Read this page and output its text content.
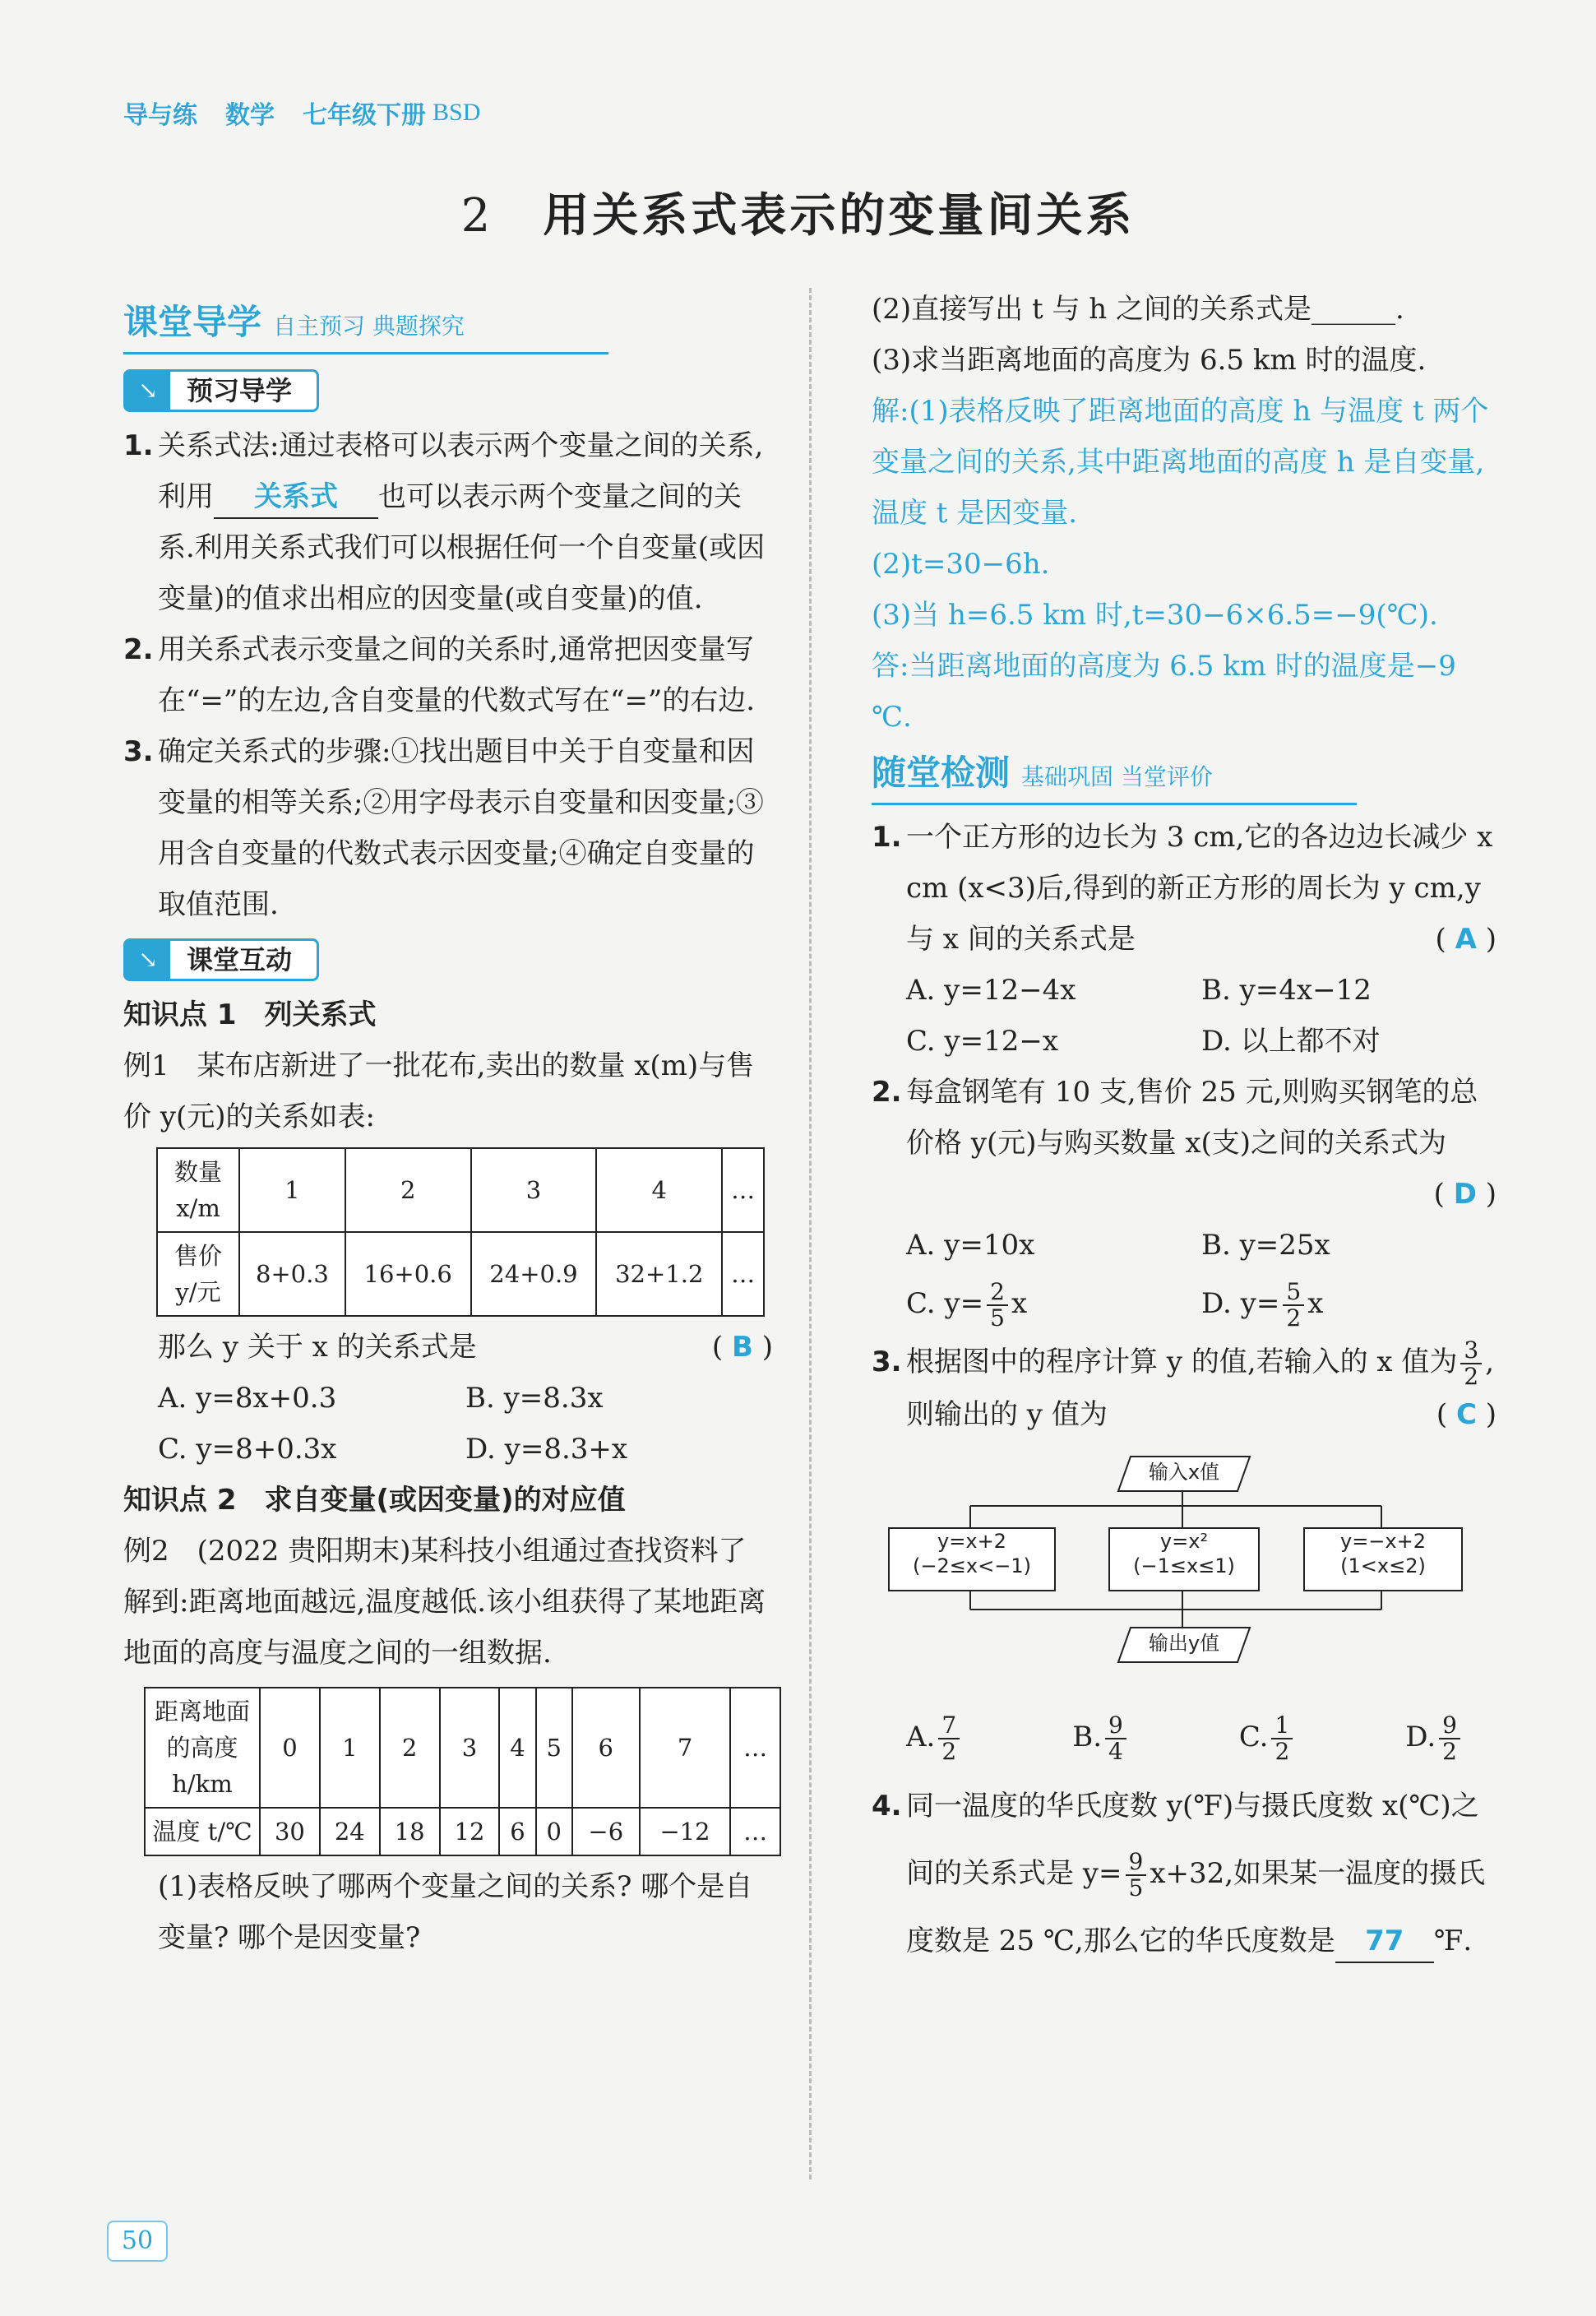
导与练 数学 七年级下册 BSD
2 用关系式表示的变量间关系
课堂导学 自主预习 典题探究
↘	预习导学
1. 关系式法:通过表格可以表示两个变量之间的关系,利用 关系式 也可以表示两个变量之间的关系.利用关系式我们可以根据任何一个自变量(或因变量)的值求出相应的因变量(或自变量)的值.
2. 用关系式表示变量之间的关系时,通常把因变量写在“=”的左边,含自变量的代数式写在“=”的右边.
3. 确定关系式的步骤:①找出题目中关于自变量和因变量的相等关系;②用字母表示自变量和因变量;③用含自变量的代数式表示因变量;④确定自变量的取值范围.
↘	课堂互动
知识点 1　列关系式
例1　某布店新进了一批花布,卖出的数量 x(m)与售价 y(元)的关系如表:
数量 x/m	1	2	3	4	…
售价 y/元	8+0.3	16+0.6	24+0.9	32+1.2	…
那么 y 关于 x 的关系式是	( B )
A. y=8x+0.3	B. y=8.3x
C. y=8+0.3x	D. y=8.3+x
知识点 2　求自变量(或因变量)的对应值
例2　(2022 贵阳期末)某科技小组通过查找资料了解到:距离地面越远,温度越低.该小组获得了某地距离地面的高度与温度之间的一组数据.
距离地面的高度 h/km	0	1	2	3	4	5	6	7	…
温度 t/℃	30	24	18	12	6	0	−6	−12	…
(1)表格反映了哪两个变量之间的关系? 哪个是自变量? 哪个是因变量?
(2)直接写出 t 与 h 之间的关系式是______.
(3)求当距离地面的高度为 6.5 km 时的温度.
解:(1)表格反映了距离地面的高度 h 与温度 t 两个变量之间的关系,其中距离地面的高度 h 是自变量,温度 t 是因变量.
(2)t=30−6h.
(3)当 h=6.5 km 时,t=30−6×6.5=−9(℃).
答:当距离地面的高度为 6.5 km 时的温度是−9 ℃.
随堂检测 基础巩固 当堂评价
1. 一个正方形的边长为 3 cm,它的各边边长减少 x cm (x<3)后,得到的新正方形的周长为 y cm,y 与 x 间的关系式是	( A )
A. y=12−4x	B. y=4x−12
C. y=12−x	D. 以上都不对
2. 每盒钢笔有 10 支,售价 25 元,则购买钢笔的总价格 y(元)与购买数量 x(支)之间的关系式为
( D )
A. y=10x	B. y=25x
C. $y= \frac{2}{5}$ x	D. $y= \frac{5}{2}$ x
3. 根据图中的程序计算 y 的值,若输入的 x 值为 $\frac{3}{2}$ ,则输出的 y 值为	( C )
输入x值
y=x+2
(−2≤x<−1)
y=x²
(−1≤x≤1)
y=−x+2
(1<x≤2)
输出y值
A. $\frac{7}{2}$	B. $\frac{9}{4}$	C. $\frac{1}{2}$	D. $\frac{9}{2}$
4. 同一温度的华氏度数 y(℉)与摄氏度数 x(℃)之间的关系式是 $y= \frac{9}{5} x+32$,如果某一温度的摄氏度数是 25 ℃,那么它的华氏度数是 77 ℉.
50
